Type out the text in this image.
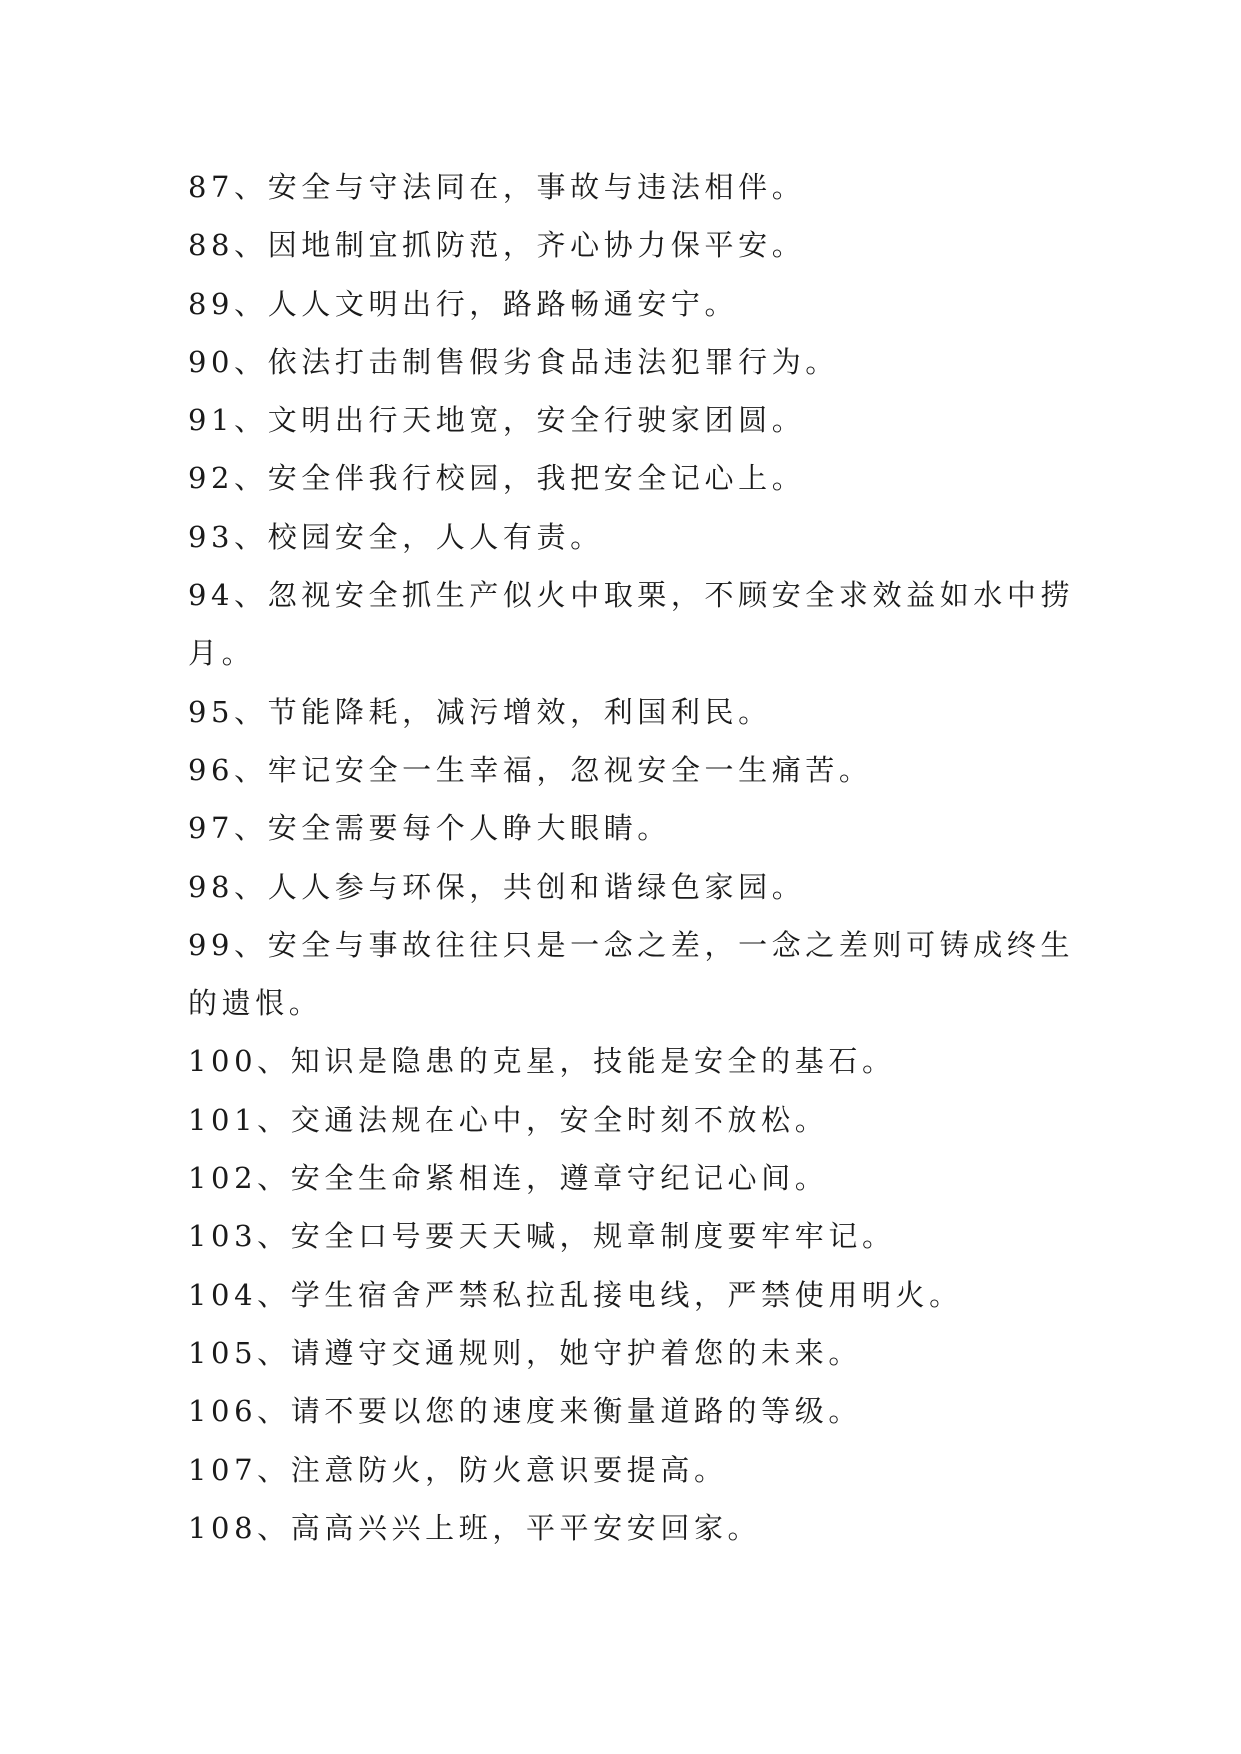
87、安全与守法同在，事故与违法相伴。

88、因地制宜抓防范，齐心协力保平安。

89、人人文明出行，路路畅通安宁。

90、依法打击制售假劣食品违法犯罪行为。

91、文明出行天地宽，安全行驶家团圆。

92、安全伴我行校园，我把安全记心上。

93、校园安全，人人有责。

94、忽视安全抓生产似火中取栗，不顾安全求效益如水中捞

月。

95、节能降耗，减污增效，利国利民。

96、牢记安全一生幸福，忽视安全一生痛苦。

97、安全需要每个人睁大眼睛。

98、人人参与环保，共创和谐绿色家园。

99、安全与事故往往只是一念之差，一念之差则可铸成终生

的遗恨。

100、知识是隐患的克星，技能是安全的基石。

101、交通法规在心中，安全时刻不放松。

102、安全生命紧相连，遵章守纪记心间。

103、安全口号要天天喊，规章制度要牢牢记。

104、学生宿舍严禁私拉乱接电线，严禁使用明火。

105、请遵守交通规则，她守护着您的未来。

106、请不要以您的速度来衡量道路的等级。

107、注意防火，防火意识要提高。

108、高高兴兴上班，平平安安回家。
